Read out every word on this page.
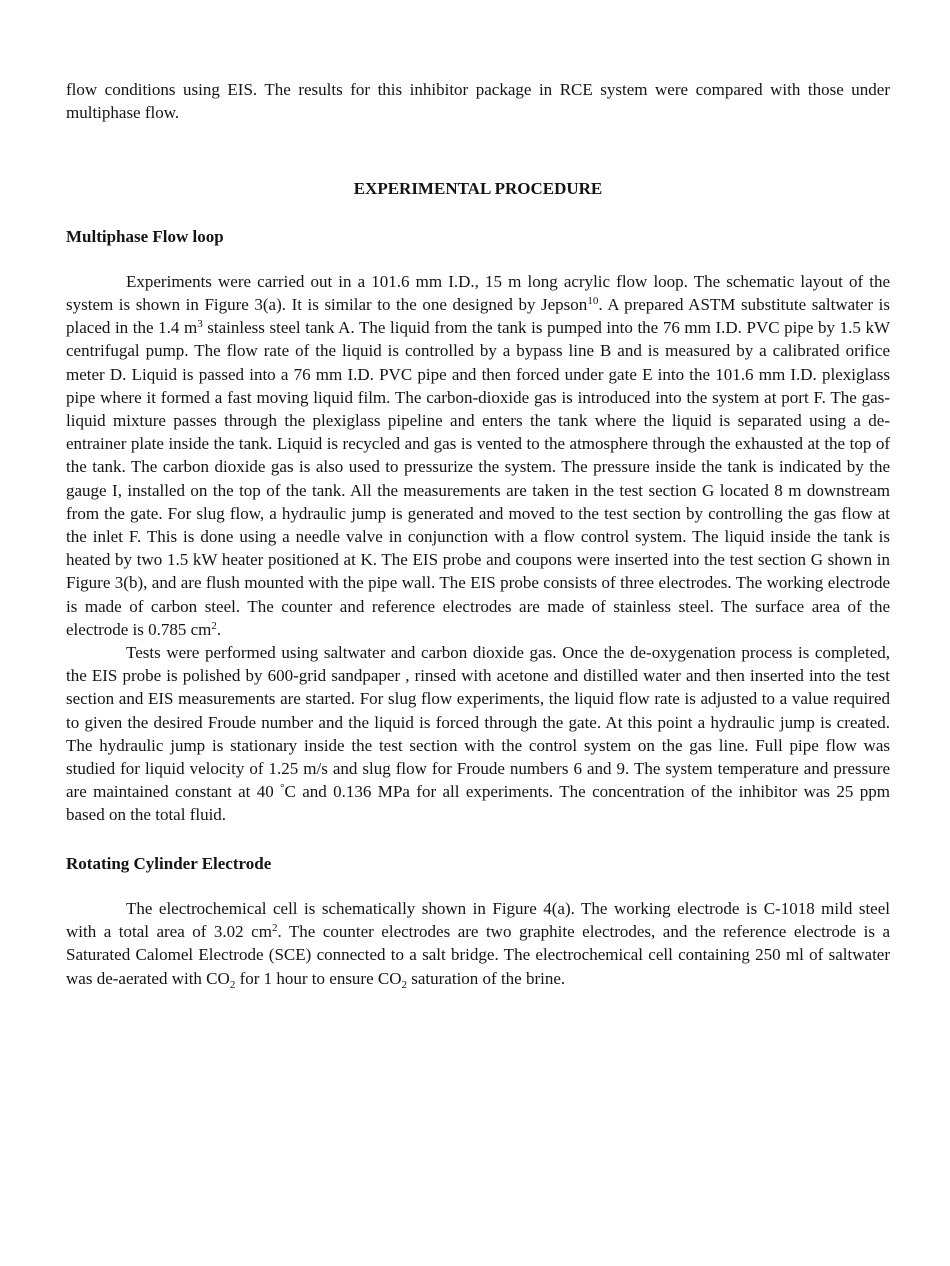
flow conditions using EIS. The results for this inhibitor package in RCE system were compared with those under multiphase flow.

EXPERIMENTAL PROCEDURE

Multiphase Flow loop

Experiments were carried out in a 101.6 mm I.D., 15 m long acrylic flow loop. The schematic layout of the system is shown in Figure 3(a). It is similar to the one designed by Jepson$^{10}$. A prepared ASTM substitute saltwater is placed in the 1.4 $m^3$ stainless steel tank A. The liquid from the tank is pumped into the 76 mm I.D. PVC pipe by 1.5 kW centrifugal pump. The flow rate of the liquid is controlled by a bypass line B and is measured by a calibrated orifice meter D. Liquid is passed into a 76 mm I.D. PVC pipe and then forced under gate E into the 101.6 mm I.D. plexiglass pipe where it formed a fast moving liquid film. The carbon-dioxide gas is introduced into the system at port F. The gas-liquid mixture passes through the plexiglass pipeline and enters the tank where the liquid is separated using a de-entrainer plate inside the tank. Liquid is recycled and gas is vented to the atmosphere through the exhausted at the top of the tank. The carbon dioxide gas is also used to pressurize the system. The pressure inside the tank is indicated by the gauge I, installed on the top of the tank. All the measurements are taken in the test section G located 8 m downstream from the gate. For slug flow, a hydraulic jump is generated and moved to the test section by controlling the gas flow at the inlet F. This is done using a needle valve in conjunction with a flow control system. The liquid inside the tank is heated by two 1.5 kW heater positioned at K. The EIS probe and coupons were inserted into the test section G shown in Figure 3(b), and are flush mounted with the pipe wall. The EIS probe consists of three electrodes. The working electrode is made of carbon steel. The counter and reference electrodes are made of stainless steel. The surface area of the electrode is 0.785 $cm^2$.

Tests were performed using saltwater and carbon dioxide gas. Once the de-oxygenation process is completed, the EIS probe is polished by 600-grid sandpaper , rinsed with acetone and distilled water and then inserted into the test section and EIS measurements are started. For slug flow experiments, the liquid flow rate is adjusted to a value required to given the desired Froude number and the liquid is forced through the gate. At this point a hydraulic jump is created. The hydraulic jump is stationary inside the test section with the control system on the gas line. Full pipe flow was studied for liquid velocity of 1.25 m/s and slug flow for Froude numbers 6 and 9. The system temperature and pressure are maintained constant at 40 °C and 0.136 MPa for all experiments. The concentration of the inhibitor was 25 ppm based on the total fluid.

Rotating Cylinder Electrode

The electrochemical cell is schematically shown in Figure 4(a). The working electrode is C-1018 mild steel with a total area of 3.02 $cm^2$. The counter electrodes are two graphite electrodes, and the reference electrode is a Saturated Calomel Electrode (SCE) connected to a salt bridge. The electrochemical cell containing 250 ml of saltwater was de-aerated with $CO_2$ for 1 hour to ensure $CO_2$ saturation of the brine.
